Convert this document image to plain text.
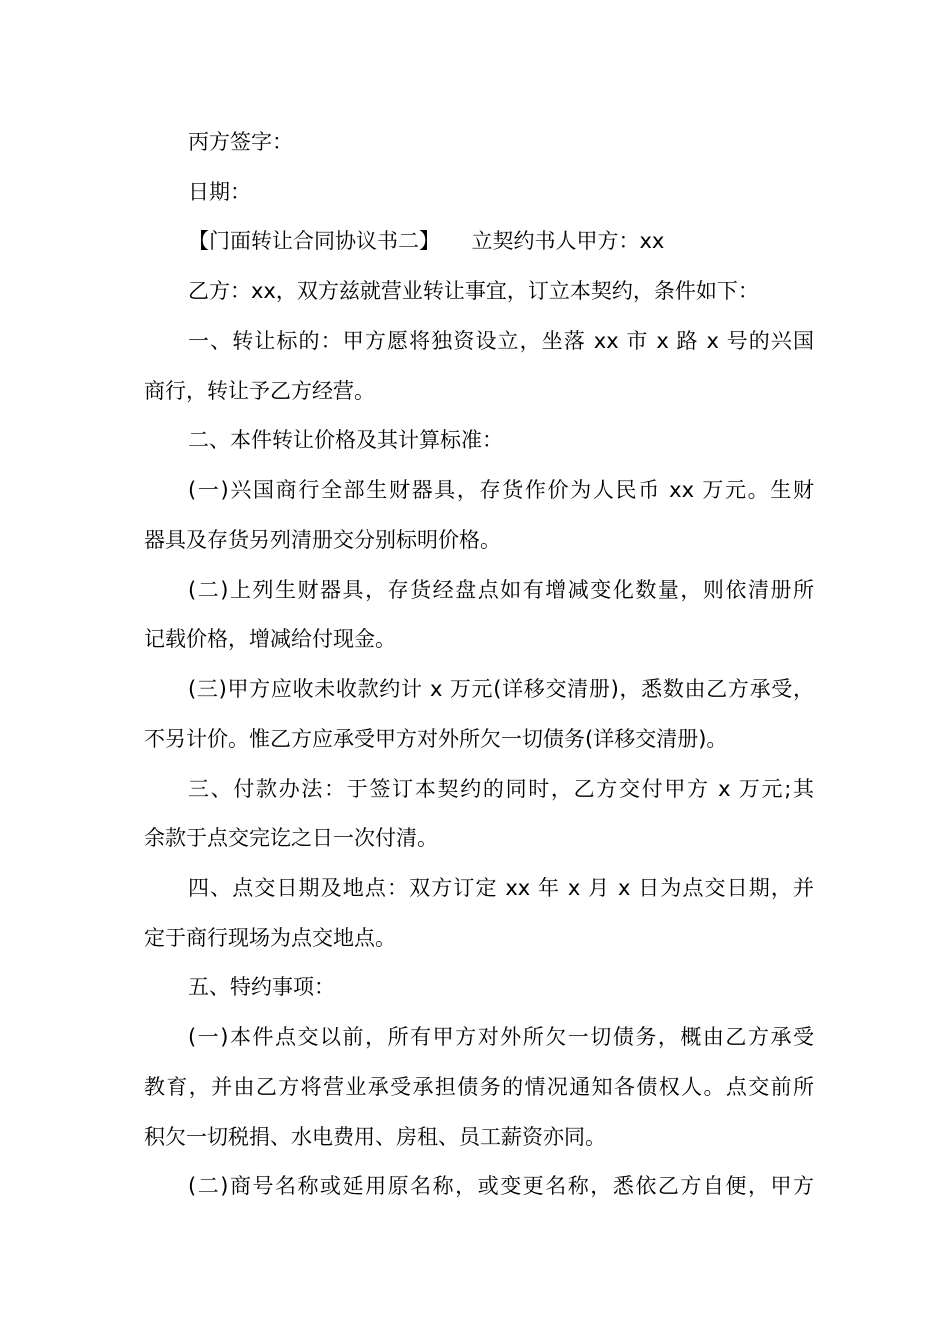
丙方签字：
日期：
【门面转让合同协议书二】　　立契约书人甲方：xx
乙方：xx，双方兹就营业转让事宜，订立本契约，条件如下：
一、转让标的：甲方愿将独资设立，坐落 xx 市 x 路 x 号的兴国
商行，转让予乙方经营。
二、本件转让价格及其计算标准：
(一)兴国商行全部生财器具，存货作价为人民币 xx 万元。生财
器具及存货另列清册交分别标明价格。
(二)上列生财器具，存货经盘点如有增减变化数量，则依清册所
记载价格，增减给付现金。
(三)甲方应收未收款约计 x 万元(详移交清册)，悉数由乙方承受，
不另计价。惟乙方应承受甲方对外所欠一切债务(详移交清册)。
三、付款办法：于签订本契约的同时，乙方交付甲方 x 万元;其
余款于点交完讫之日一次付清。
四、点交日期及地点：双方订定 xx 年 x 月 x 日为点交日期，并
定于商行现场为点交地点。
五、特约事项：
(一)本件点交以前，所有甲方对外所欠一切债务，概由乙方承受
教育，并由乙方将营业承受承担债务的情况通知各债权人。点交前所
积欠一切税捐、水电费用、房租、员工薪资亦同。
(二)商号名称或延用原名称，或变更名称，悉依乙方自便，甲方
